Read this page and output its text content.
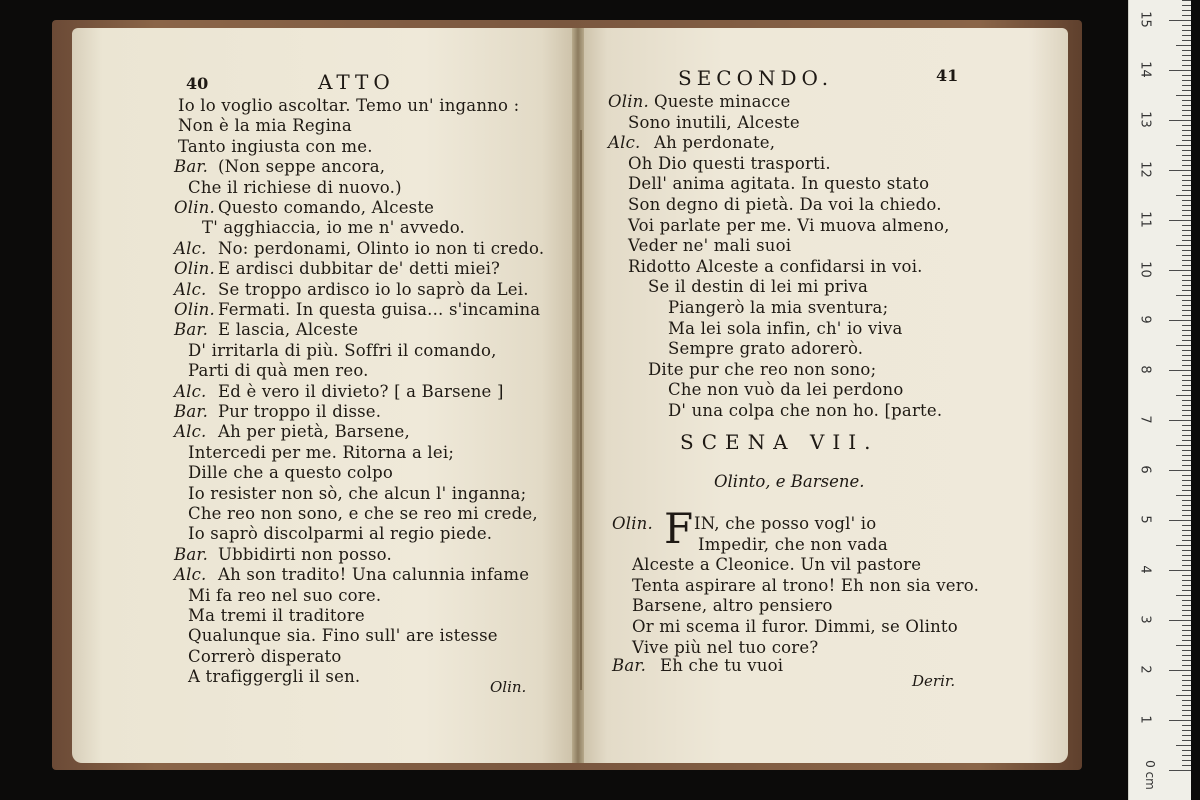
40	ATTO
Io lo voglio ascoltar. Temo un' inganno :
Non è la mia Regina
Tanto ingiusta con me.
Bar. (Non seppe ancora,
Che il richiese di nuovo.)
Olin. Questo comando, Alceste
T' agghiaccia, io me n' avvedo.
Alc. No: perdonami, Olinto io non ti credo.
Olin. E ardisci dubbitar de' detti miei?
Alc. Se troppo ardisco io lo saprò da Lei.
Olin. Fermati. In questa guisa... s'incamina
Bar. E lascia, Alceste
D' irritarla di più. Soffri il comando,
Parti di quà men reo.
Alc. Ed è vero il divieto? [ a Barsene ]
Bar. Pur troppo il disse.
Alc. Ah per pietà, Barsene,
Intercedi per me. Ritorna a lei;
Dille che a questo colpo
Io resister non sò, che alcun l' inganna;
Che reo non sono, e che se reo mi crede,
Io saprò discolparmi al regio piede.
Bar. Ubbidirti non posso.
Alc. Ah son tradito! Una calunnia infame
Mi fa reo nel suo core.
Ma tremi il traditore
Qualunque sia. Fino sull' are istesse
Correrò disperato
A trafiggergli il sen.
Olin.
SECONDO.	41
Olin. Queste minacce
Sono inutili, Alceste
Alc. Ah perdonate,
Oh Dio questi trasporti.
Dell' anima agitata. In questo stato
Son degno di pietà. Da voi la chiedo.
Voi parlate per me. Vi muova almeno,
Veder ne' mali suoi
Ridotto Alceste a confidarsi in voi.
Se il destin di lei mi priva
Piangerò la mia sventura;
Ma lei sola infin, ch' io viva
Sempre grato adorerò.
Dite pur che reo non sono;
Che non vuò da lei perdono
D' una colpa che non ho. [parte.
SCENA VII.
Olinto, e Barsene.
Olin. F IN, che posso vogl' io
Impedir, che non vada
Alceste a Cleonice. Un vil pastore
Tenta aspirare al trono! Eh non sia vero.
Barsene, altro pensiero
Or mi scema il furor. Dimmi, se Olinto
Vive più nel tuo core?
Bar. Eh che tu vuoi
Derir.
0 cm
1
2
3
4
5
6
7
8
9
10
11
12
13
14
15
